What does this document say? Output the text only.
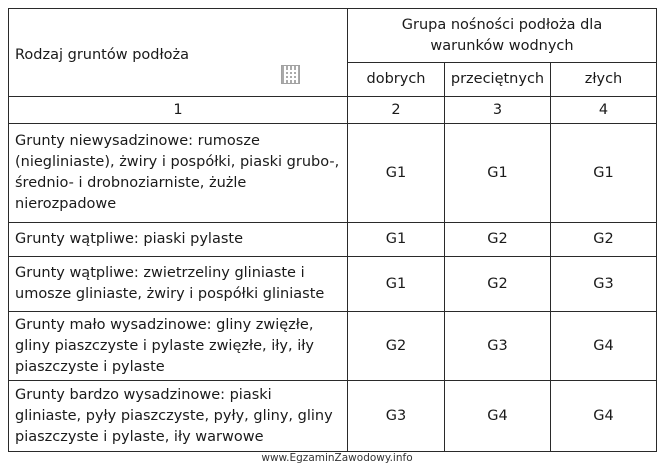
Rodzaj gruntów podłoża	Grupa nośności podłoża dla warunków wodnych		
	dobrych	przeciętnych	złych
1	2	3	4
Grunty niewysadzinowe: rumosze (niegliniaste), żwiry i pospółki, piaski grubo-, średnio- i drobnoziarniste, żużle nierozpadowe	G1	G1	G1
Grunty wątpliwe: piaski pylaste	G1	G2	G2
Grunty wątpliwe: zwietrzeliny gliniaste i umosze gliniaste, żwiry i pospółki gliniaste	G1	G2	G3
Grunty mało wysadzinowe: gliny zwięzłe, gliny piaszczyste i pylaste zwięzłe, iły, iły piaszczyste i pylaste	G2	G3	G4
Grunty bardzo wysadzinowe: piaski gliniaste, pyły piaszczyste, pyły, gliny, gliny piaszczyste i pylaste, iły warwowe	G3	G4	G4
www.EgzaminZawodowy.info
